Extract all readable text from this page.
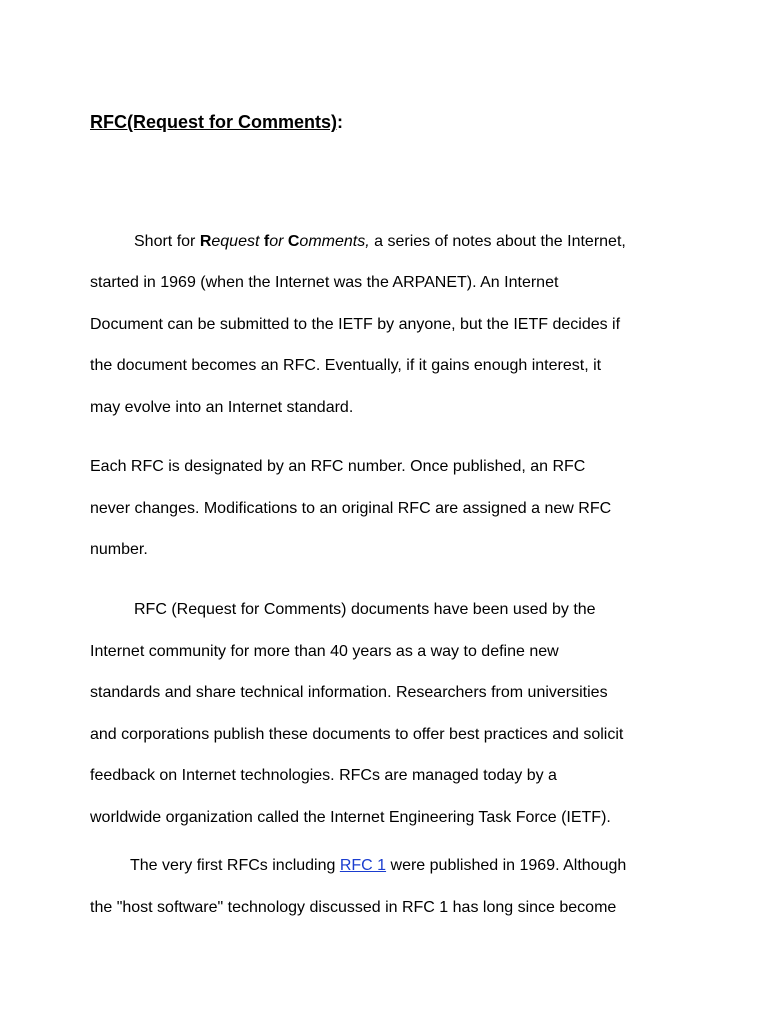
RFC(Request for Comments):

Short for Request for Comments, a series of notes about the Internet,

started in 1969 (when the Internet was the ARPANET). An Internet

Document can be submitted to the IETF by anyone, but the IETF decides if

the document becomes an RFC. Eventually, if it gains enough interest, it

may evolve into an Internet standard.

Each RFC is designated by an RFC number. Once published, an RFC

never changes. Modifications to an original RFC are assigned a new RFC

number.

RFC (Request for Comments) documents have been used by the

Internet community for more than 40 years as a way to define new

standards and share technical information. Researchers from universities

and corporations publish these documents to offer best practices and solicit

feedback on Internet technologies. RFCs are managed today by a

worldwide organization called the Internet Engineering Task Force (IETF).

The very first RFCs including RFC 1 were published in 1969. Although

the "host software" technology discussed in RFC 1 has long since become
